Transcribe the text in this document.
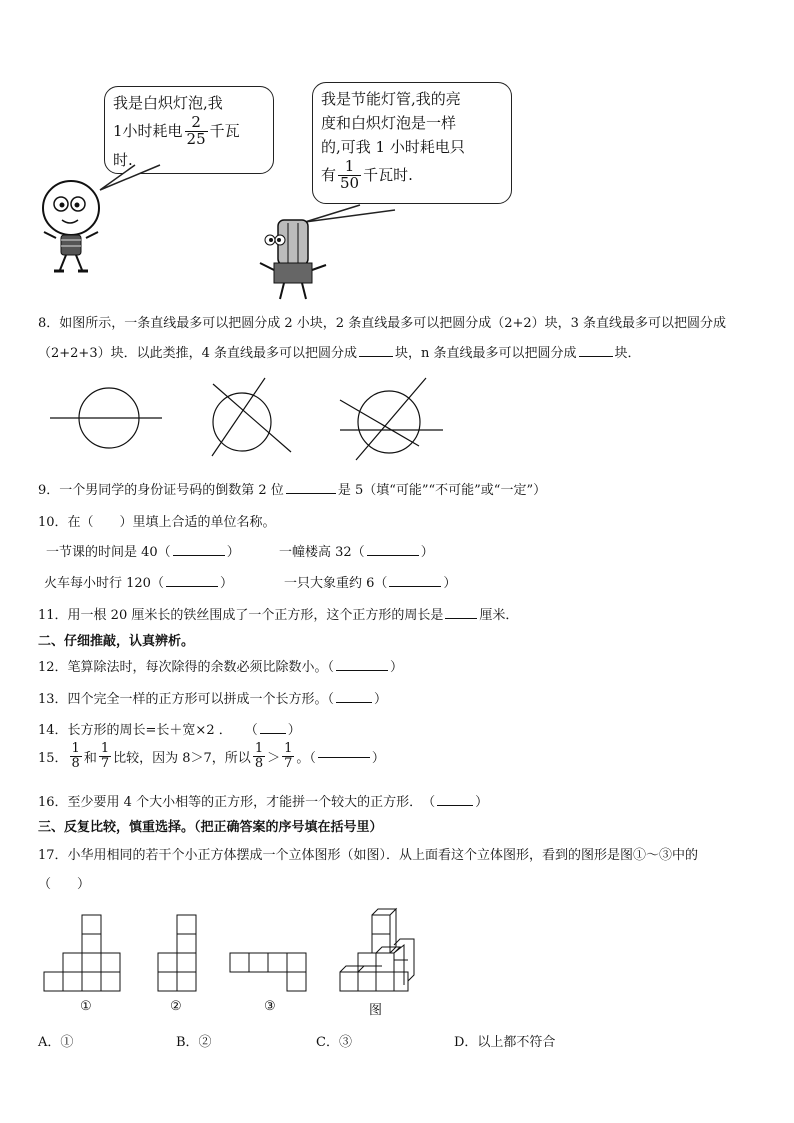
我是白炽灯泡,我
1小时耗电 $\frac{2}{25}$ 千瓦
时.
我是节能灯管,我的亮
度和白炽灯泡是一样
的,可我 1 小时耗电只
有 $\frac{1}{50}$ 千瓦时.
8．如图所示，一条直线最多可以把圆分成 2 小块，2 条直线最多可以把圆分成（2+2）块，3 条直线最多可以把圆分成
（2+2+3）块．以此类推，4 条直线最多可以把圆分成	块，n 条直线最多可以把圆分成	块．
9．一个男同学的身份证号码的倒数第 2 位	是 5（填“可能”“不可能”或“一定”）
10．在（　　）里填上合适的单位名称。
一节课的时间是 40（	）	一幢楼高 32（	）
火车每小时行 120（	）	一只大象重约 6（	）
11．用一根 20 厘米长的铁丝围成了一个正方形，这个正方形的周长是	厘米．
二、仔细推敲，认真辨析。
12．笔算除法时，每次除得的余数必须比除数小。（	）
13．四个完全一样的正方形可以拼成一个长方形。（	）
14．长方形的周长=长＋宽×2 ．　　（ ）
15． $\frac{1}{8}$ 和 $\frac{1}{7}$ 比较，因为 8＞7，所以 $\frac{1}{8} > \frac{1}{7}$ 。（	）
16．至少要用 4 个大小相等的正方形，才能拼一个较大的正方形．　（	）
三、反复比较，慎重选择。（把正确答案的序号填在括号里）
17．小华用相同的若干个小正方体摆成一个立体图形（如图）．从上面看这个立体图形，看到的图形是图①～③中的
（　　）
①	②	③	图
A．①	B．②	C．③	D．以上都不符合
